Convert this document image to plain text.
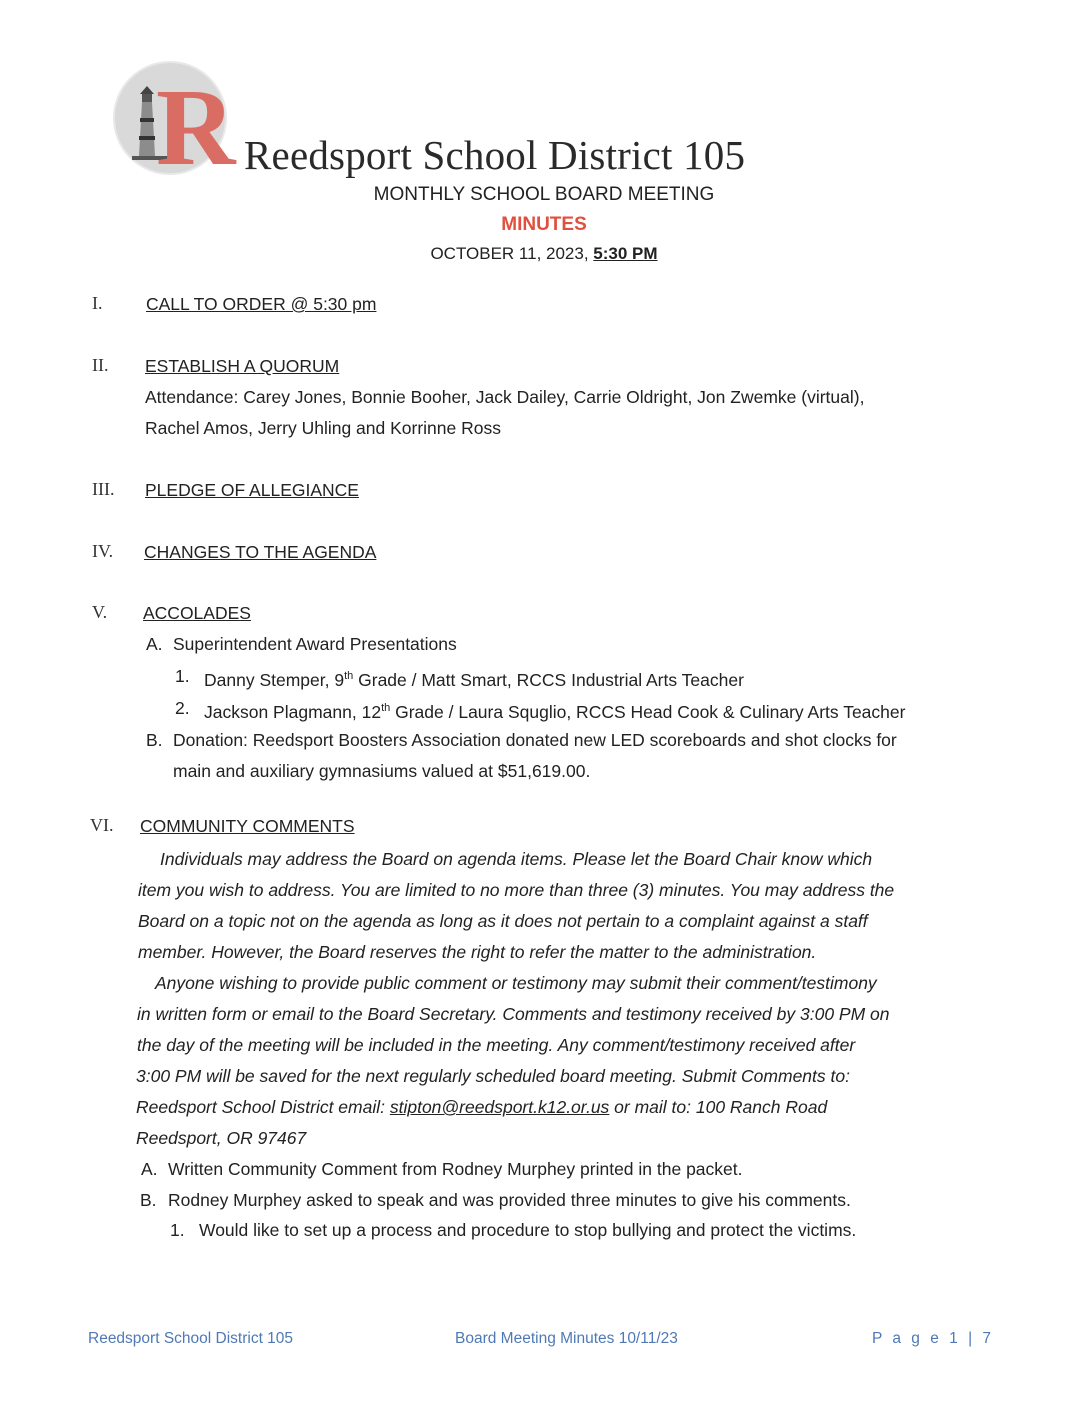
R Reedsport School District 105
MONTHLY SCHOOL BOARD MEETING
MINUTES
OCTOBER 11, 2023, 5:30 PM
I. CALL TO ORDER @ 5:30 pm
II. ESTABLISH A QUORUM
Attendance: Carey Jones, Bonnie Booher, Jack Dailey, Carrie Oldright, Jon Zwemke (virtual),
Rachel Amos, Jerry Uhling and Korrinne Ross
III. PLEDGE OF ALLEGIANCE
IV. CHANGES TO THE AGENDA
V. ACCOLADES
A. Superintendent Award Presentations
1. Danny Stemper, 9th Grade / Matt Smart, RCCS Industrial Arts Teacher
2. Jackson Plagmann, 12th Grade / Laura Squglio, RCCS Head Cook & Culinary Arts Teacher
B. Donation: Reedsport Boosters Association donated new LED scoreboards and shot clocks for
main and auxiliary gymnasiums valued at $51,619.00.
VI. COMMUNITY COMMENTS
Individuals may address the Board on agenda items. Please let the Board Chair know which
item you wish to address. You are limited to no more than three (3) minutes. You may address the
Board on a topic not on the agenda as long as it does not pertain to a complaint against a staff
member. However, the Board reserves the right to refer the matter to the administration.
Anyone wishing to provide public comment or testimony may submit their comment/testimony
in written form or email to the Board Secretary. Comments and testimony received by 3:00 PM on
the day of the meeting will be included in the meeting. Any comment/testimony received after
3:00 PM will be saved for the next regularly scheduled board meeting. Submit Comments to:
Reedsport School District email: stipton@reedsport.k12.or.us or mail to: 100 Ranch Road
Reedsport, OR 97467
A. Written Community Comment from Rodney Murphey printed in the packet.
B. Rodney Murphey asked to speak and was provided three minutes to give his comments.
1. Would like to set up a process and procedure to stop bullying and protect the victims.
Reedsport School District 105	Board Meeting Minutes 10/11/23	P a g e 1 | 7
